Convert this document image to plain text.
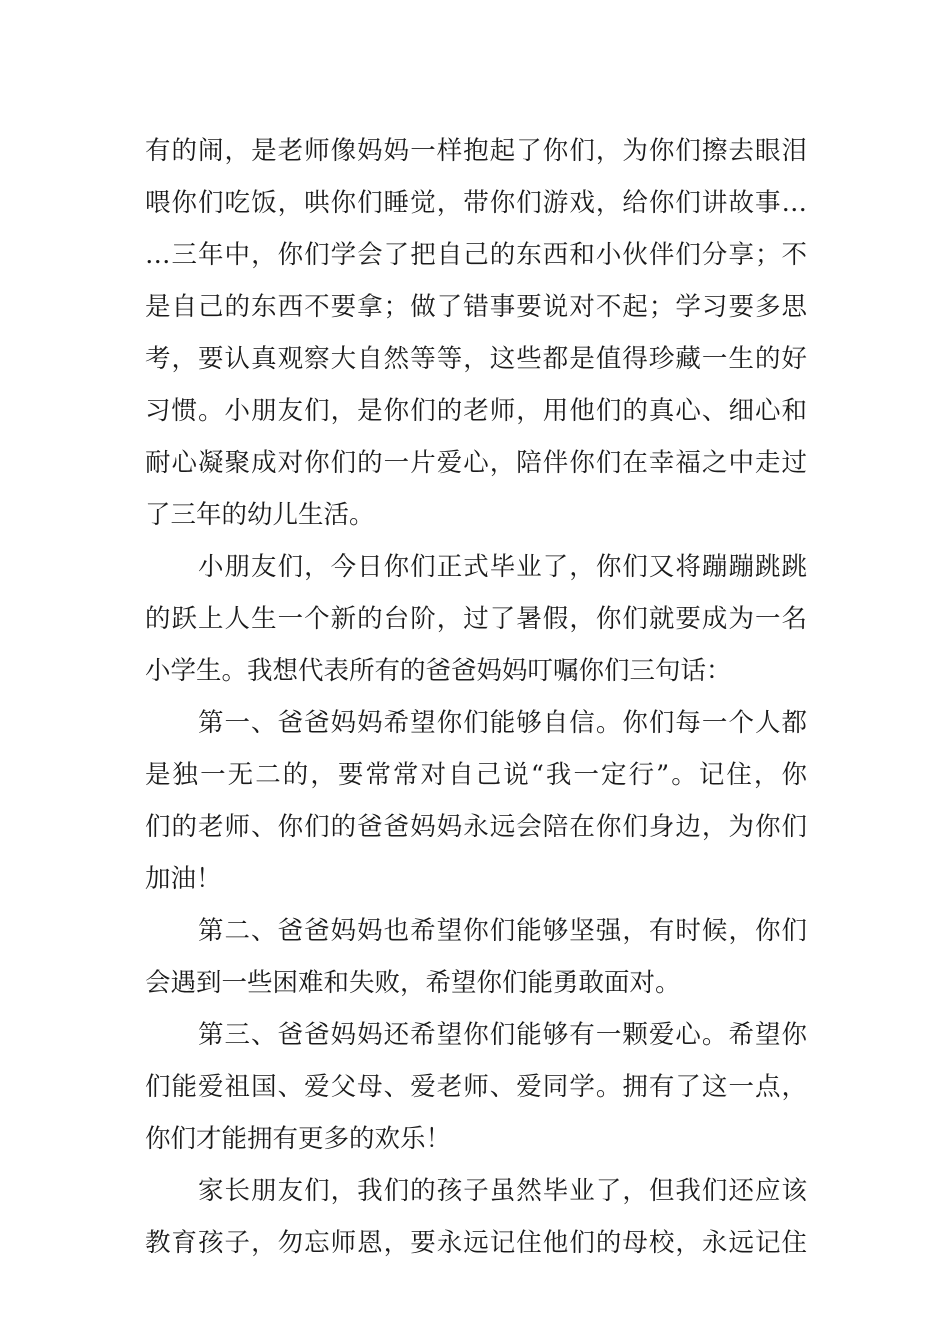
有的闹，是老师像妈妈一样抱起了你们，为你们擦去眼泪
喂你们吃饭，哄你们睡觉，带你们游戏，给你们讲故事…
…三年中，你们学会了把自己的东西和小伙伴们分享；不
是自己的东西不要拿；做了错事要说对不起；学习要多思
考，要认真观察大自然等等，这些都是值得珍藏一生的好
习惯。小朋友们，是你们的老师，用他们的真心、细心和
耐心凝聚成对你们的一片爱心，陪伴你们在幸福之中走过
了三年的幼儿生活。
小朋友们，今日你们正式毕业了，你们又将蹦蹦跳跳
的跃上人生一个新的台阶，过了暑假，你们就要成为一名
小学生。我想代表所有的爸爸妈妈叮嘱你们三句话：
第一、爸爸妈妈希望你们能够自信。你们每一个人都
是独一无二的，要常常对自己说“我一定行”。记住，你
们的老师、你们的爸爸妈妈永远会陪在你们身边，为你们
加油！
第二、爸爸妈妈也希望你们能够坚强，有时候，你们
会遇到一些困难和失败，希望你们能勇敢面对。
第三、爸爸妈妈还希望你们能够有一颗爱心。希望你
们能爱祖国、爱父母、爱老师、爱同学。拥有了这一点，
你们才能拥有更多的欢乐！
家长朋友们，我们的孩子虽然毕业了，但我们还应该
教育孩子，勿忘师恩，要永远记住他们的母校，永远记住
